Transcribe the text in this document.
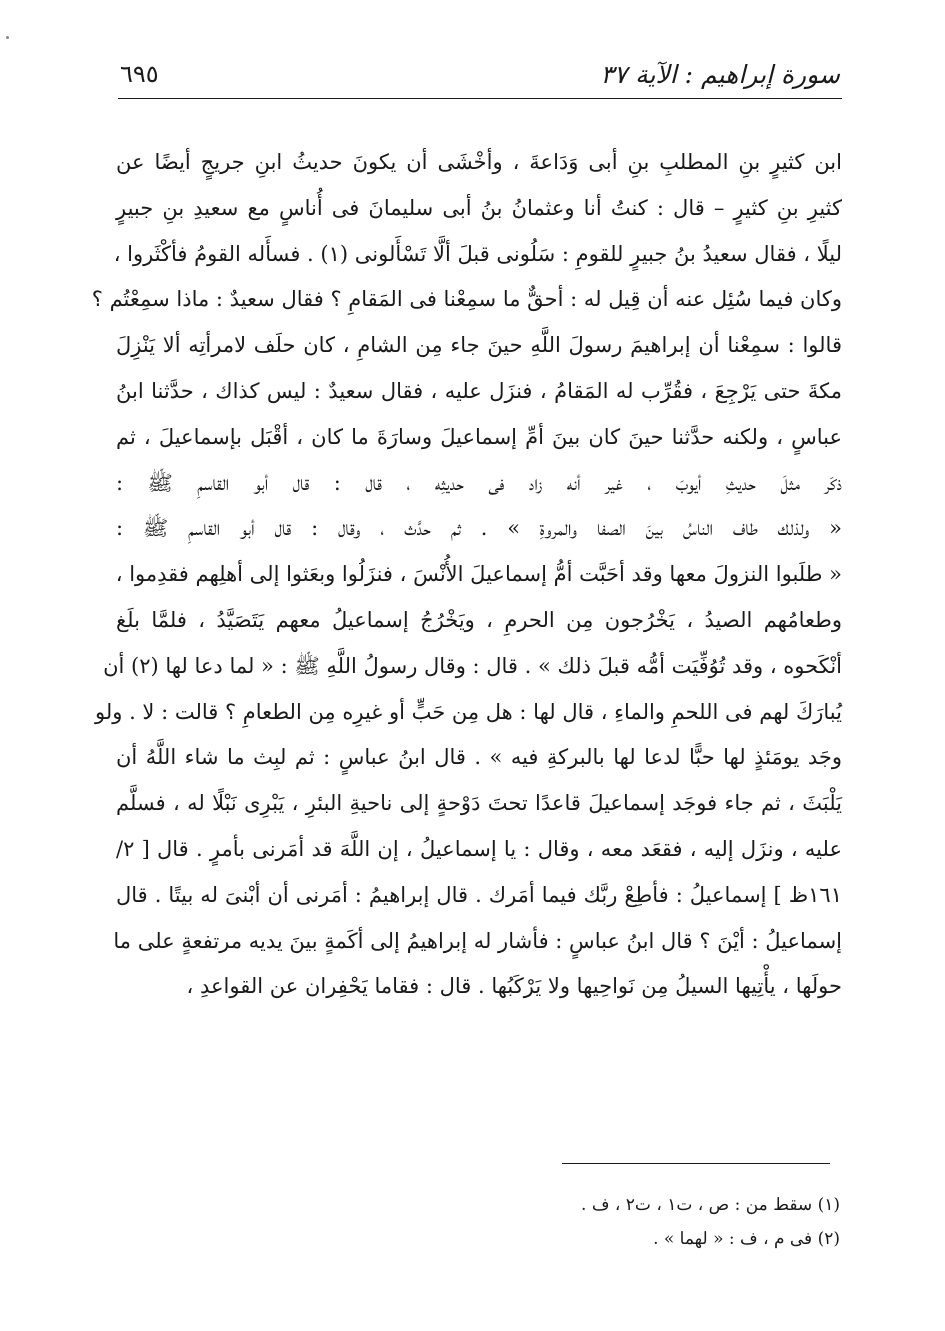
سورة إبراهيم : الآية ٣٧
٦٩٥
ابن كثيرٍ بنِ المطلبِ بنِ أبى وَدَاعةَ ، وأخْشَى أن يكونَ حديثُ ابنِ جريجٍ أيضًا عن
كثيرِ بنِ كثيرٍ – قال : كنتُ أنا وعثمانُ بنُ أبى سليمانَ فى أُناسٍ مع سعيدِ بنِ جبيرٍ
ليلًا ، فقال سعيدُ بنُ جبيرٍ للقومِ : سَلُونى قبلَ ألَّا تَسْأَلونى (١) . فسأَله القومُ فأكْثَروا ،
وكان فيما سُئِل عنه أن قِيل له : أحقٌّ ما سمِعْنا فى المَقامِ ؟ فقال سعيدٌ : ماذا سمِعْتُم ؟
قالوا : سمِعْنا أن إبراهيمَ رسولَ اللَّهِ حينَ جاء مِن الشامِ ، كان حلَف لامرأتِه ألا يَنْزِلَ
مكةَ حتى يَرْجِعَ ، فقُرِّب له المَقامُ ، فنزَل عليه ، فقال سعيدٌ : ليس كذاك ، حدَّثنا ابنُ
عباسٍ ، ولكنه حدَّثنا حينَ كان بينَ أمِّ إسماعيلَ وسارَةَ ما كان ، أقْبَل بإسماعيلَ ، ثم
ذكَر مثلَ حديثِ أيوبَ ، غير أنه زاد فى حديثِه ، قال : قال أبو القاسمِ ﷺ :
« ولذلك طاف الناسُ بينَ الصفا والمروةِ » . ثم حدَّث ، وقال : قال أبو القاسمِ ﷺ :
« طلَبوا النزولَ معها وقد أحَبَّت أمُّ إسماعيلَ الأُنْسَ ، فنزَلُوا وبعَثوا إلى أهلِهم فقدِموا ،
وطعامُهم الصيدُ ، يَخْرُجون مِن الحرمِ ، ويَخْرُجُ إسماعيلُ معهم يَتَصَيَّدُ ، فلمَّا بلَغ
أنْكَحوه ، وقد تُوُفِّيَت أمُّه قبلَ ذلك » . قال : وقال رسولُ اللَّهِ ﷺ : « لما دعا لها (٢) أن
يُبارَكَ لهم فى اللحمِ والماءِ ، قال لها : هل مِن حَبٍّ أو غيرِه مِن الطعامِ ؟ قالت : لا . ولو
وجَد يومَئذٍ لها حبًّا لدعا لها بالبركةِ فيه » . قال ابنُ عباسٍ : ثم لبِث ما شاء اللَّهُ أن
يَلْبَثَ ، ثم جاء فوجَد إسماعيلَ قاعدًا تحتَ دَوْحةٍ إلى ناحيةِ البئرِ ، يَبْرِى نَبْلًا له ، فسلَّم
عليه ، ونزَل إليه ، فقعَد معه ، وقال : يا إسماعيلُ ، إن اللَّهَ قد أمَرنى بأمرٍ . قال [ ٢/
١٦١ظ ] إسماعيلُ : فأطِعْ ربَّك فيما أمَرك . قال إبراهيمُ : أمَرنى أن أبْنىَ له بيتًا . قال
إسماعيلُ : أيْنَ ؟ قال ابنُ عباسٍ : فأشار له إبراهيمُ إلى أكَمةٍ بينَ يديه مرتفعةٍ على ما
حولَها ، يأْتِيها السيلُ مِن نَواحِيها ولا يَرْكَبُها . قال : فقاما يَحْفِران عن القواعدِ ،
(١) سقط من : ص ، ت١ ، ت٢ ، ف .
(٢) فى م ، ف : « لهما » .
